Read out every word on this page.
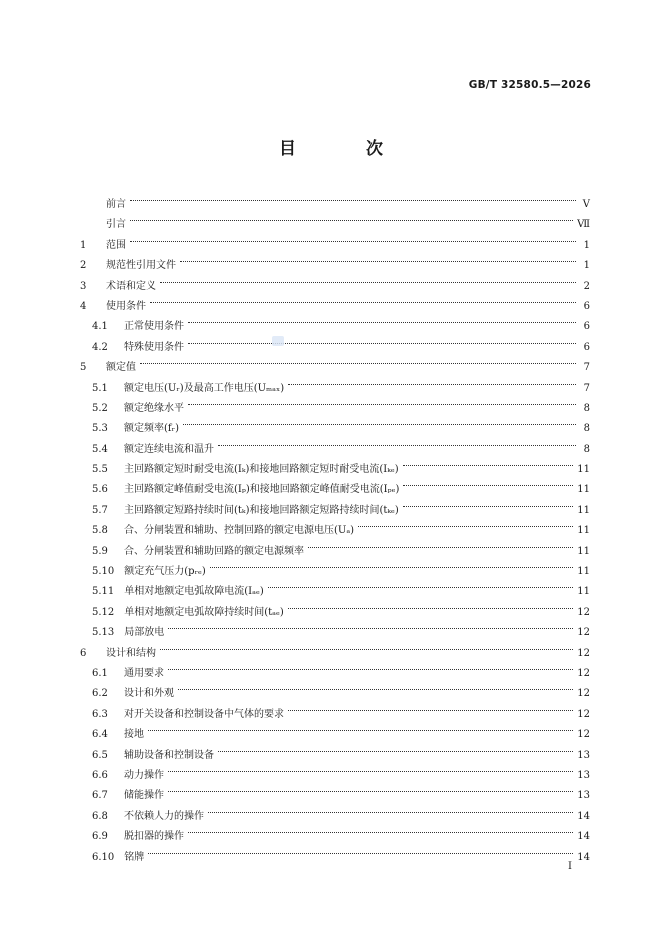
GB/T 32580.5—2026
目 次
前言	Ⅴ
引言	Ⅶ
1	范围	1
2	规范性引用文件	1
3	术语和定义	2
4	使用条件	6
4.1	正常使用条件	6
4.2	特殊使用条件	6
5	额定值	7
5.1	额定电压(Uᵣ)及最高工作电压(Uₘₐₓ)	7
5.2	额定绝缘水平	8
5.3	额定频率(fᵣ)	8
5.4	额定连续电流和温升	8
5.5	主回路额定短时耐受电流(Iₖ)和接地回路额定短时耐受电流(Iₖₑ)	11
5.6	主回路额定峰值耐受电流(Iₚ)和接地回路额定峰值耐受电流(Iₚₑ)	11
5.7	主回路额定短路持续时间(tₖ)和接地回路额定短路持续时间(tₖₑ)	11
5.8	合、分闸装置和辅助、控制回路的额定电源电压(Uₐ)	11
5.9	合、分闸装置和辅助回路的额定电源频率	11
5.10	额定充气压力(pᵣₑ)	11
5.11	单相对地额定电弧故障电流(Iₐₑ)	11
5.12	单相对地额定电弧故障持续时间(tₐₑ)	12
5.13	局部放电	12
6	设计和结构	12
6.1	通用要求	12
6.2	设计和外观	12
6.3	对开关设备和控制设备中气体的要求	12
6.4	接地	12
6.5	辅助设备和控制设备	13
6.6	动力操作	13
6.7	储能操作	13
6.8	不依赖人力的操作	14
6.9	脱扣器的操作	14
6.10	铭牌	14
Ⅰ
